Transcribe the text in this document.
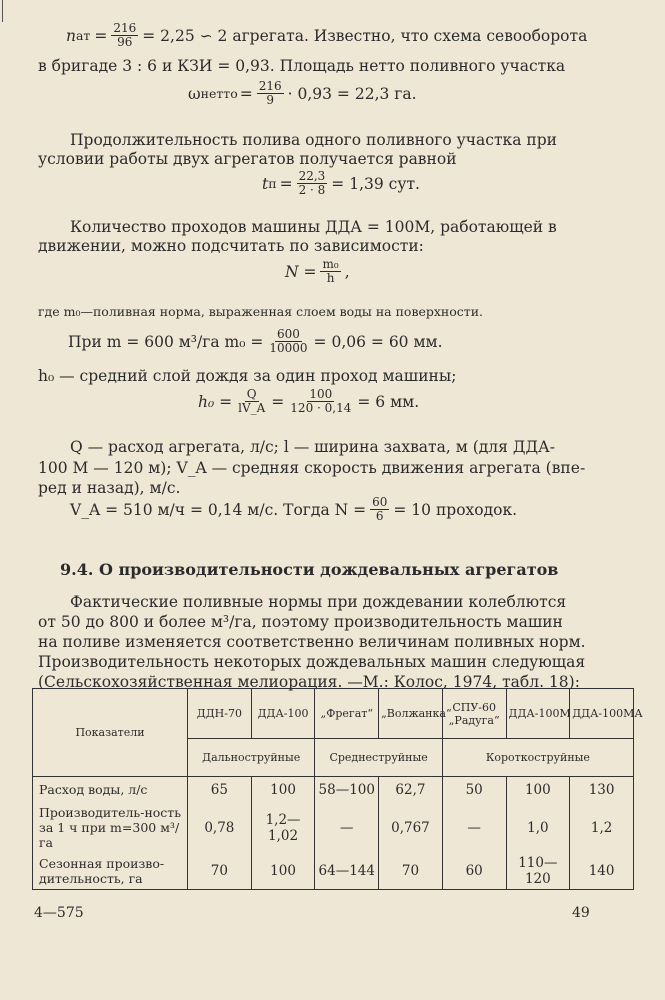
n ат = $\frac{216}{96} = 2,25$ ∽ 2 агрегата. Известно, что схема севооборота
в бригаде 3 : 6 и КЗИ = 0,93. Площадь нетто поливного участка
ω нетто = $\frac{216}{9} \cdot 0,93 = 22,3$ га.
Продолжительность полива одного поливного участка при
условии работы двух агрегатов получается равной
t $п = \frac{22,3}{2 \cdot 8} = 1,39$ сут.
Количество проходов машины ДДА = 100М, работающей в
движении, можно подсчитать по зависимости:
$N = \frac{\text{m₀}}{h}$ ,
где m₀—поливная норма, выраженная слоем воды на поверхности.
При m = 600 м³/га $m_0 = \frac{600}{10000} = 0,06 = 60$ мм.
h₀ — средний слой дождя за один проход машины;
$h_0 = \frac{Q}{lV\_A} = \frac{100}{120 \cdot 0,14} = 6$ мм.
Q — расход агрегата, л/с; l — ширина захвата, м (для ДДА-
100 М — 120 м); V_A — средняя скорость движения агрегата (впе-
ред и назад), м/с.
V_A = 510 м/ч = 0,14 м/с. Тогда $N = \frac{60}{6} = 10$ проходок.
9.4. О производительности дождевальных агрегатов
Фактические поливные нормы при дождевании колеблются
от 50 до 800 и более м³/га, поэтому производительность машин
на поливе изменяется соответственно величинам поливных норм.
Производительность некоторых дождевальных машин следующая
(Сельскохозяйственная мелиорация. —М.: Колос, 1974, табл. 18):
Показатели	ДДН-70	ДДА-100	„Фрегат“	„Волжанка“	СПУ-60 „Радуга“	ДДА-100М	ДДА-100МА
	Дальноструйные		Среднеструйные		Короткоструйные		
Расход воды, л/с	65	100	58—100	62,7	50	100	130
Производитель-ность за 1 ч при m=300 м³/га	0,78	1,2—1,02	—	0,767	—	1,0	1,2
Сезонная произво-дительность, га	70	100	64—144	70	60	110—120	140
4—575	49
